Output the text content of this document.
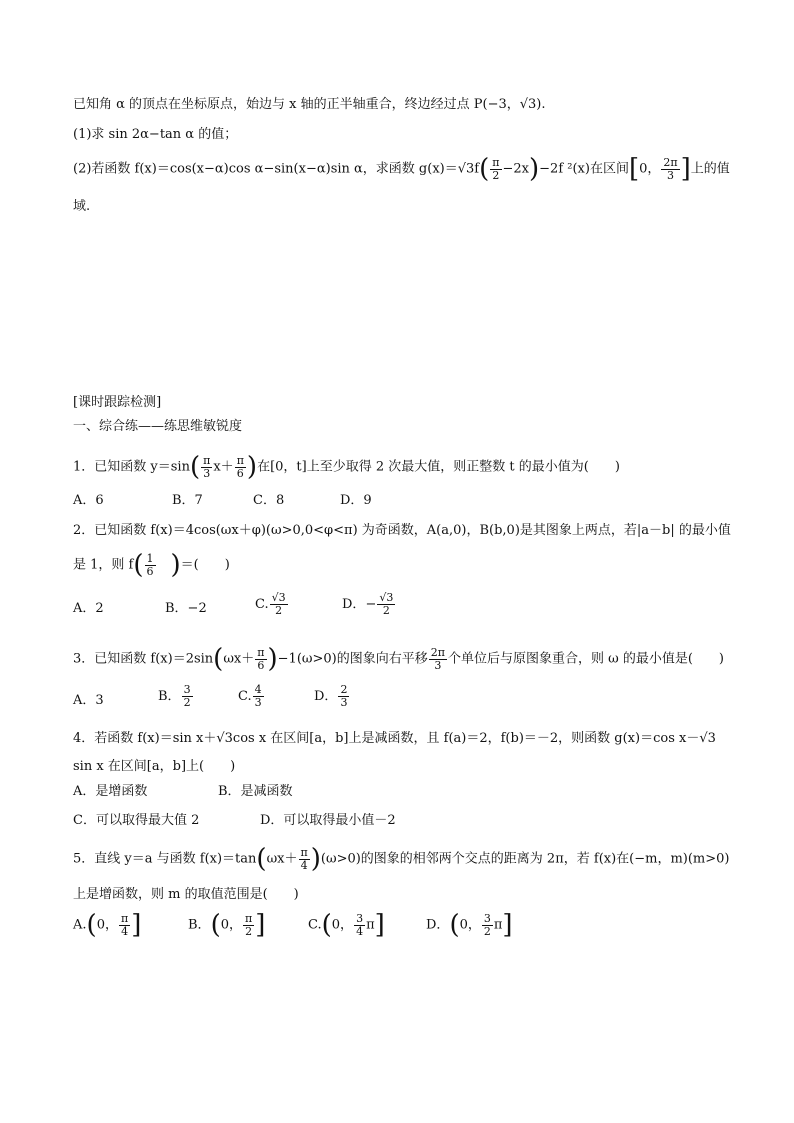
已知角 α 的顶点在坐标原点，始边与 x 轴的正半轴重合，终边经过点 P(−3，√3).
(1)求 sin 2α−tan α 的值；
(2)若函数 f(x)＝cos(x−α)cos α−sin(x−α)sin α，求函数 $g(x)=√3f( \frac{\pi}{2} -2x)-2f$ ²(x)在区间[0， $\frac{2\pi}{3}$ ]上的值
域.
[课时跟踪检测]
一、综合练——练思维敏锐度
1．已知函数 $y=\sin( \frac{\pi}{3} x+ \frac{\pi}{6}$ )在[0，t]上至少取得 2 次最大值，则正整数 t 的最小值为(　　)
A．6	B．7	C．8	D．9
2．已知函数 f(x)＝4cos(ωx＋φ)(ω>0,0<φ<π) 为奇函数，A(a,0)，B(b,0)是其图象上两点，若|a－b| 的最小值
是 1，则 $f( \frac{1}{6}$ )＝(　　)
A．2	B．−2	C. $\frac{√3}{2}$	D．− $\frac{√3}{2}$
3．已知函数 $f(x)=2\sin(\omega x+ \frac{\pi}{6} )-1(\omega>0)$的图象向右平移 $\frac{2\pi}{3}$ 个单位后与原图象重合，则 ω 的最小值是(　　)
A．3	B． $\frac{3}{2}$	C. $\frac{4}{3}$	D． $\frac{2}{3}$
4．若函数 f(x)＝sin x＋√3cos x 在区间[a，b]上是减函数，且 f(a)＝2，f(b)＝－2，则函数 g(x)＝cos x－√3
sin x 在区间[a，b]上(　　)
A．是增函数	B．是减函数
C．可以取得最大值 2	D．可以取得最小值－2
5．直线 y＝a 与函数 $f(x)=\tan(\omega x+ \frac{\pi}{4} )(\omega>0)$的图象的相邻两个交点的距离为 2π，若 f(x)在(−m，m)(m>0)
上是增函数，则 m 的取值范围是(　　)
A.(0， $\frac{\pi}{4}$ ]	B．(0， $\frac{\pi}{2}$ ]	C.(0， $\frac{3}{4} \pi$]	D．(0， $\frac{3}{2} \pi$]
